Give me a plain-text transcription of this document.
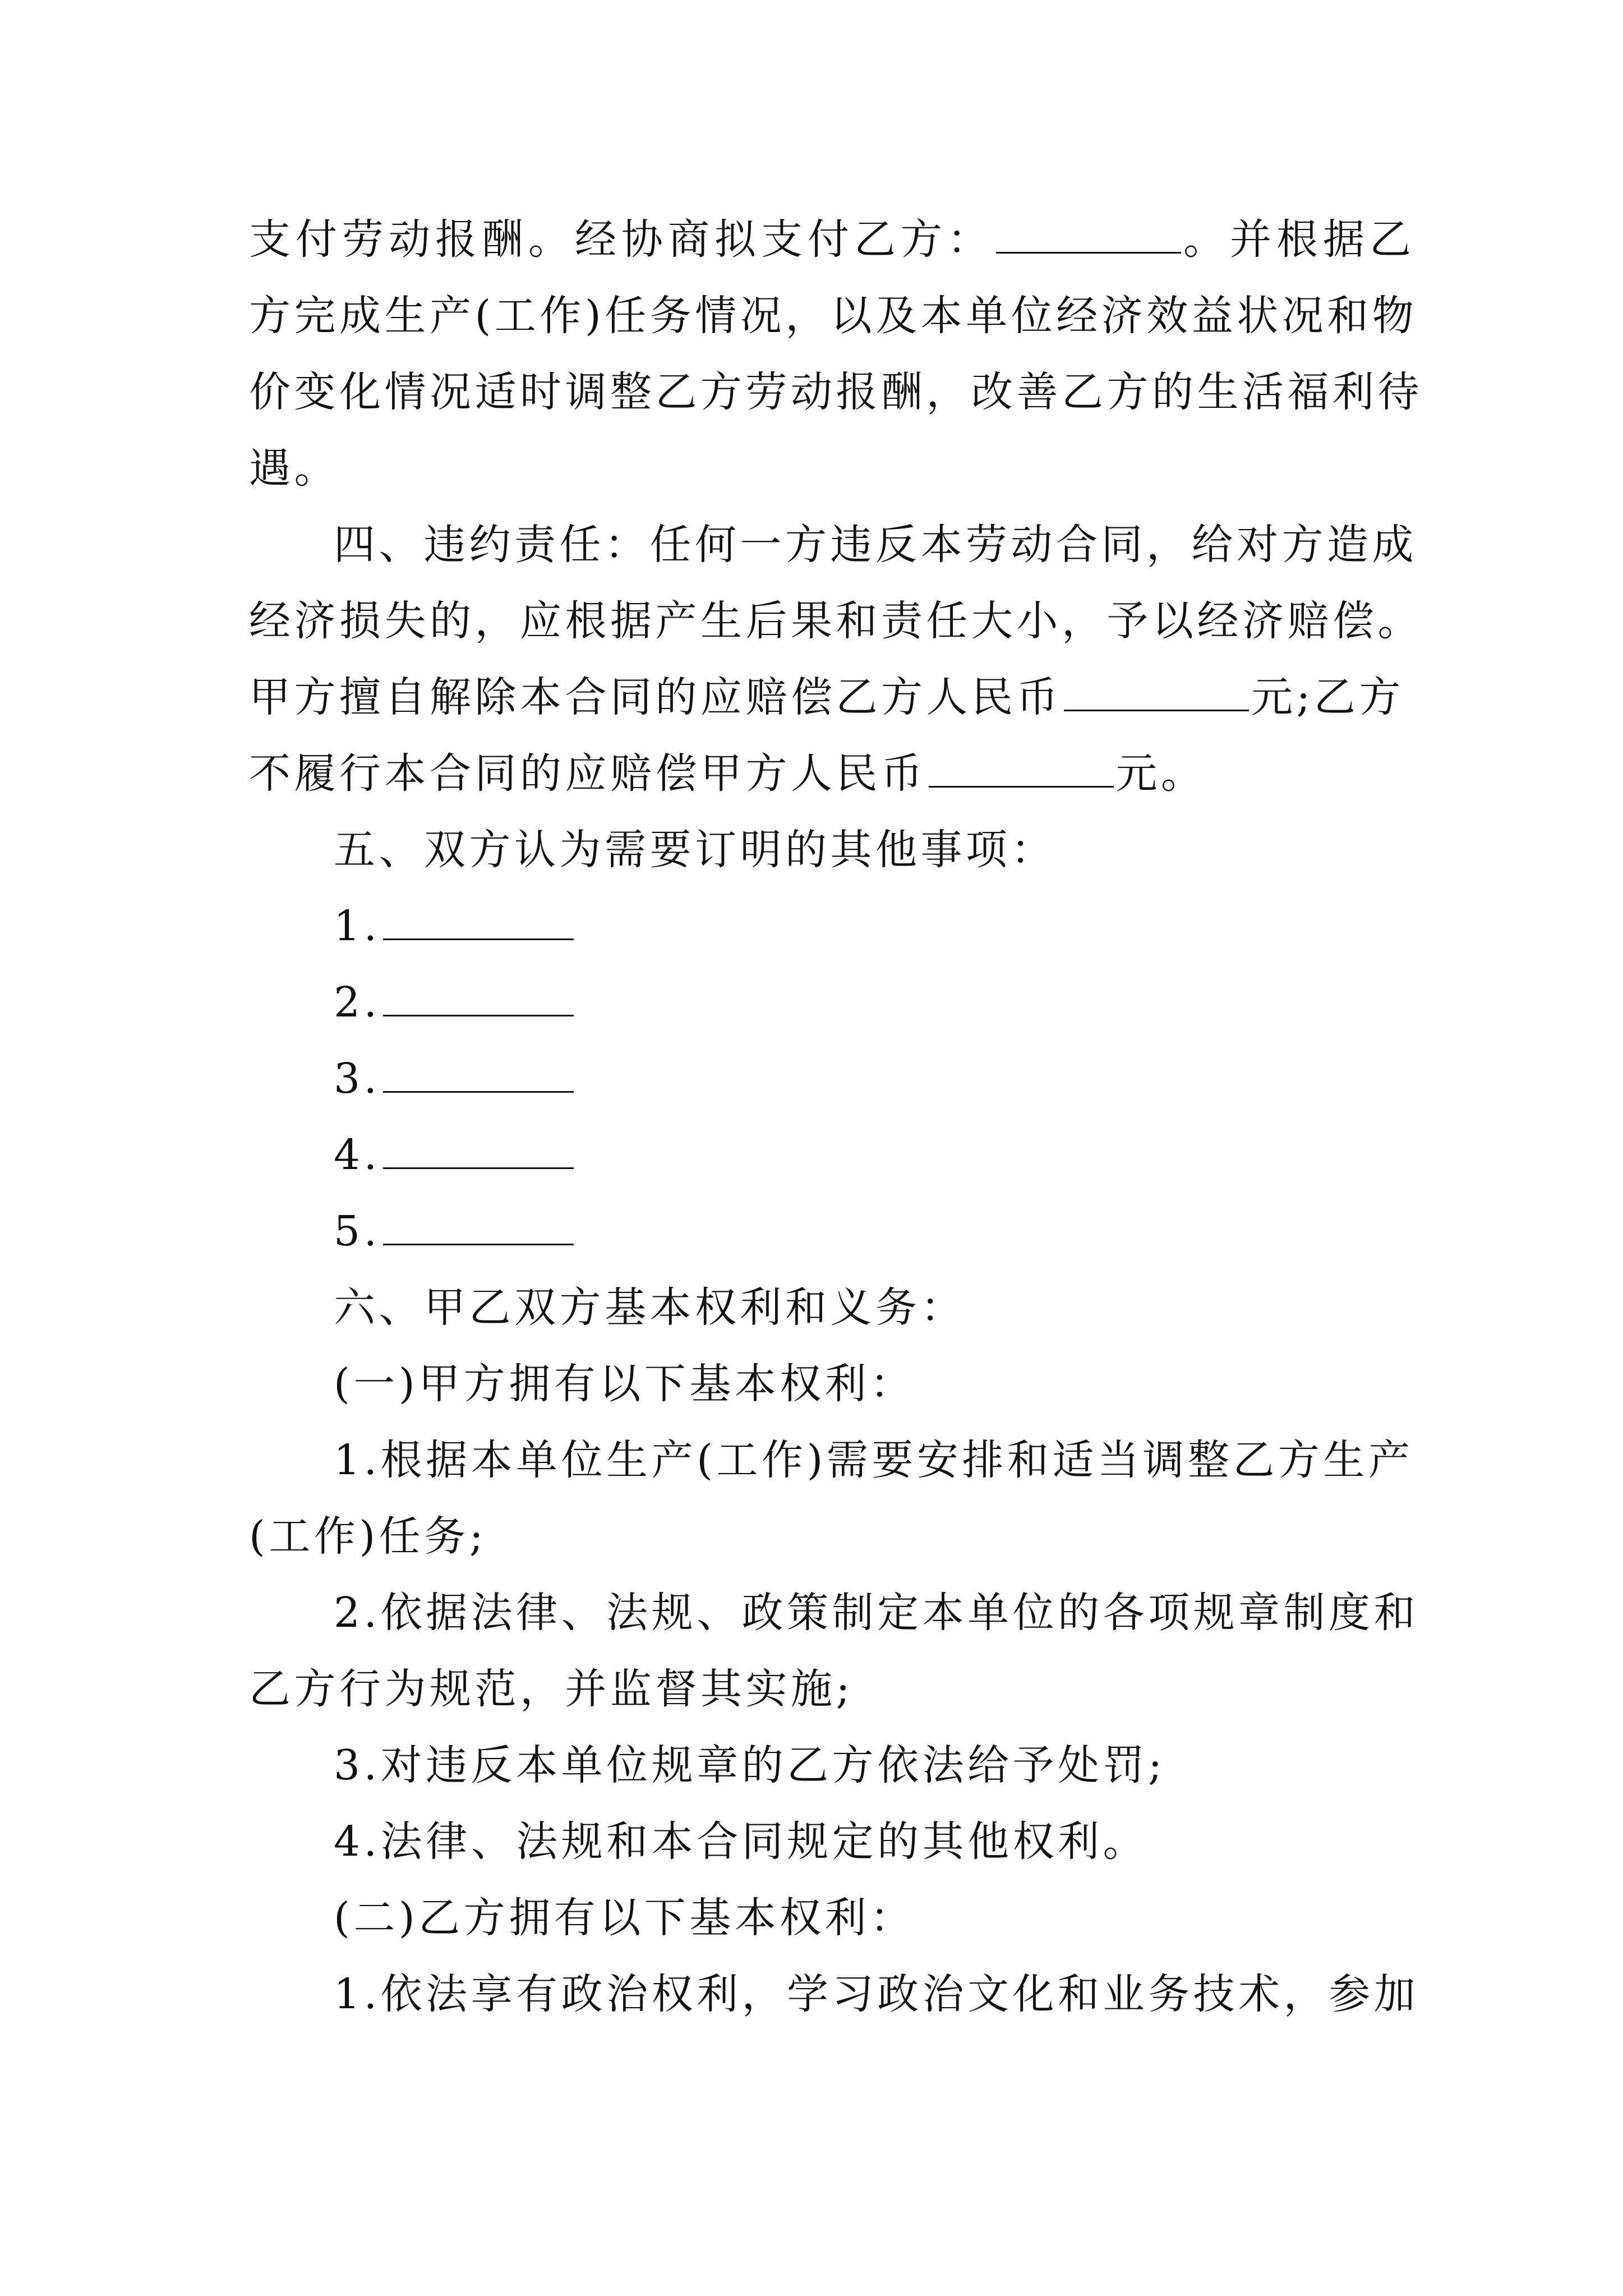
支付劳动报酬。经协商拟支付乙方：	。并根据乙
方完成生产(工作)任务情况，以及本单位经济效益状况和物
价变化情况适时调整乙方劳动报酬，改善乙方的生活福利待
遇。
四、违约责任：任何一方违反本劳动合同，给对方造成
经济损失的，应根据产生后果和责任大小，予以经济赔偿。
甲方擅自解除本合同的应赔偿乙方人民币	元;乙方
不履行本合同的应赔偿甲方人民币	元。
五、双方认为需要订明的其他事项：
1.
2.
3.
4.
5.
六、甲乙双方基本权利和义务：
(一)甲方拥有以下基本权利：
1.根据本单位生产(工作)需要安排和适当调整乙方生产
(工作)任务;
2.依据法律、法规、政策制定本单位的各项规章制度和
乙方行为规范，并监督其实施;
3.对违反本单位规章的乙方依法给予处罚;
4.法律、法规和本合同规定的其他权利。
(二)乙方拥有以下基本权利：
1.依法享有政治权利，学习政治文化和业务技术，参加
